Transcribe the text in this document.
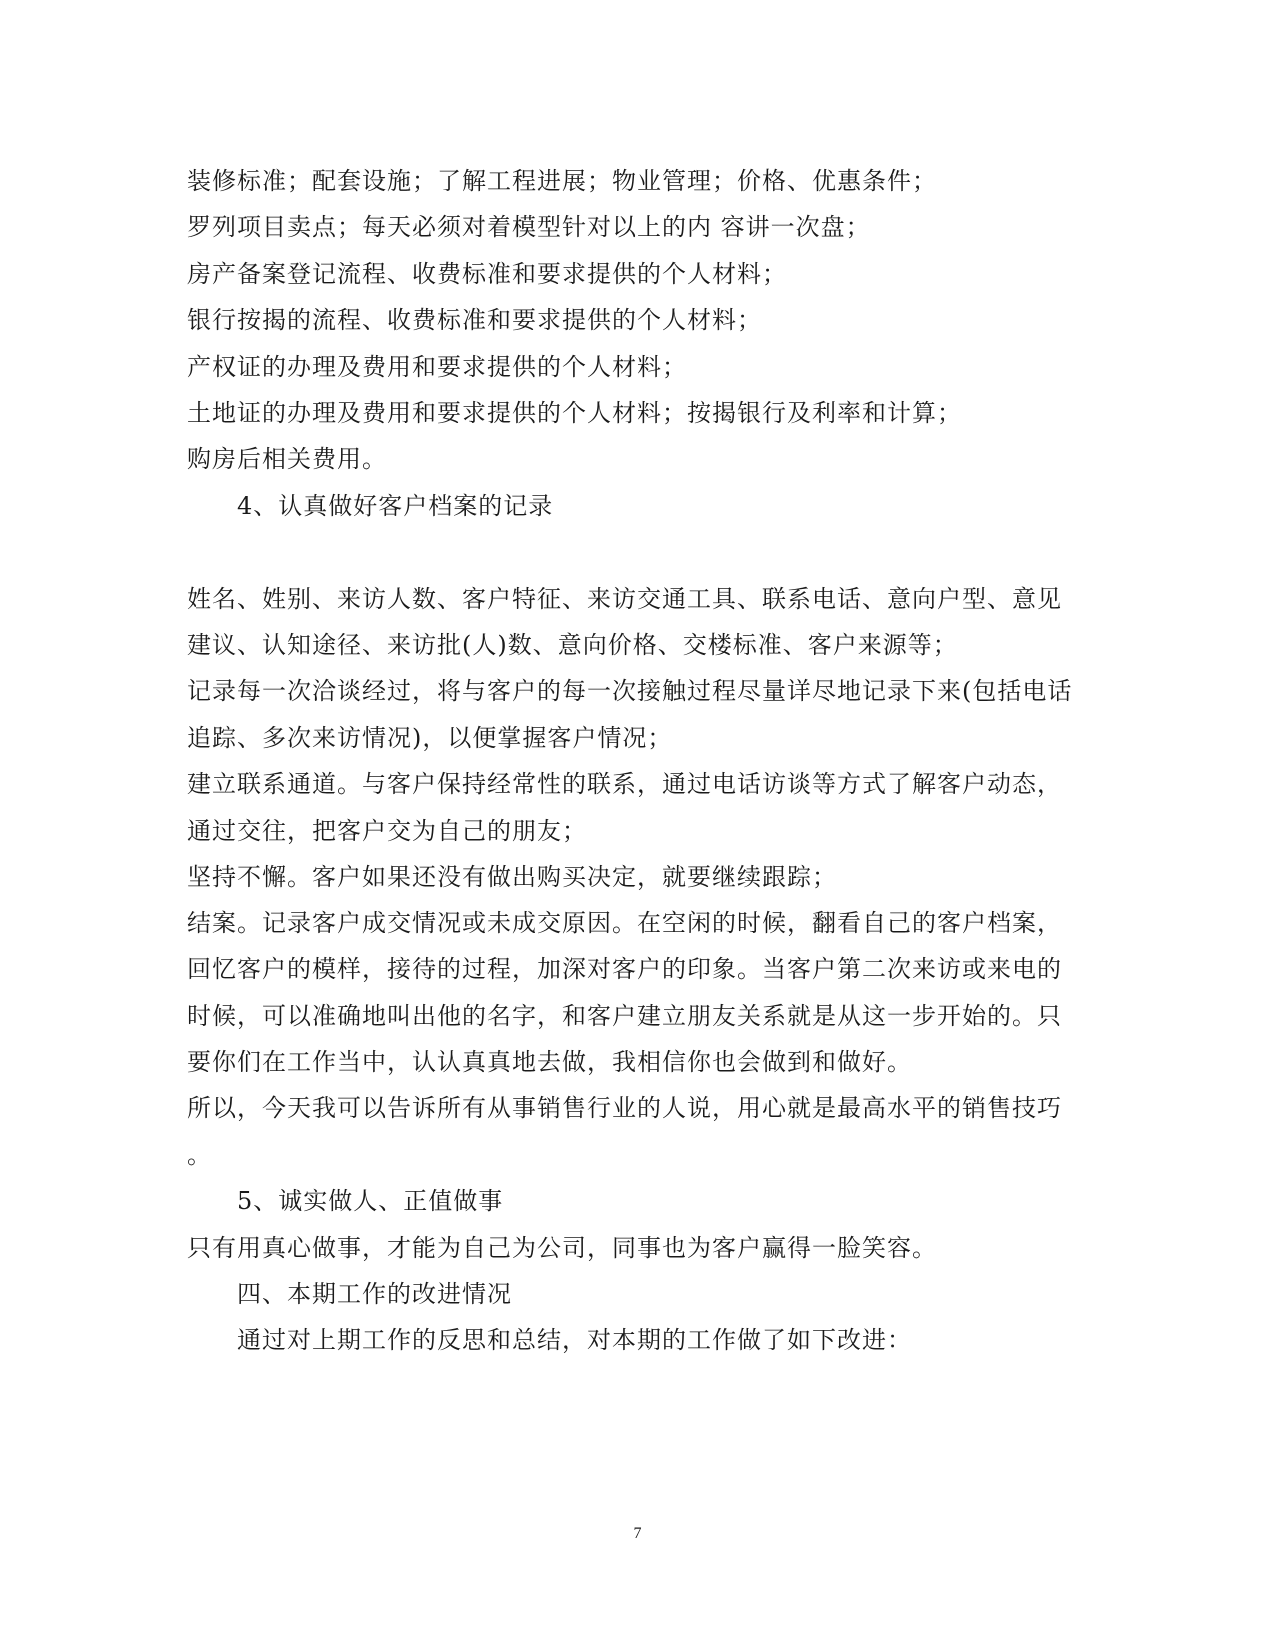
装修标准；配套设施；了解工程进展；物业管理；价格、优惠条件；
罗列项目卖点；每天必须对着模型针对以上的内 容讲一次盘；
房产备案登记流程、收费标准和要求提供的个人材料；
银行按揭的流程、收费标准和要求提供的个人材料；
产权证的办理及费用和要求提供的个人材料；
土地证的办理及费用和要求提供的个人材料；按揭银行及利率和计算；
购房后相关费用。
4、认真做好客户档案的记录
姓名、姓别、来访人数、客户特征、来访交通工具、联系电话、意向户型、意见
建议、认知途径、来访批(人)数、意向价格、交楼标准、客户来源等；
记录每一次洽谈经过，将与客户的每一次接触过程尽量详尽地记录下来(包括电话
追踪、多次来访情况)，以便掌握客户情况；
建立联系通道。与客户保持经常性的联系，通过电话访谈等方式了解客户动态，
通过交往，把客户交为自己的朋友；
坚持不懈。客户如果还没有做出购买决定，就要继续跟踪；
结案。记录客户成交情况或未成交原因。在空闲的时候，翻看自己的客户档案，
回忆客户的模样，接待的过程，加深对客户的印象。当客户第二次来访或来电的
时候，可以准确地叫出他的名字，和客户建立朋友关系就是从这一步开始的。只
要你们在工作当中，认认真真地去做，我相信你也会做到和做好。
所以，今天我可以告诉所有从事销售行业的人说，用心就是最高水平的销售技巧
。
5、诚实做人、正值做事
只有用真心做事，才能为自己为公司，同事也为客户赢得一脸笑容。
四、本期工作的改进情况
通过对上期工作的反思和总结，对本期的工作做了如下改进：
7
